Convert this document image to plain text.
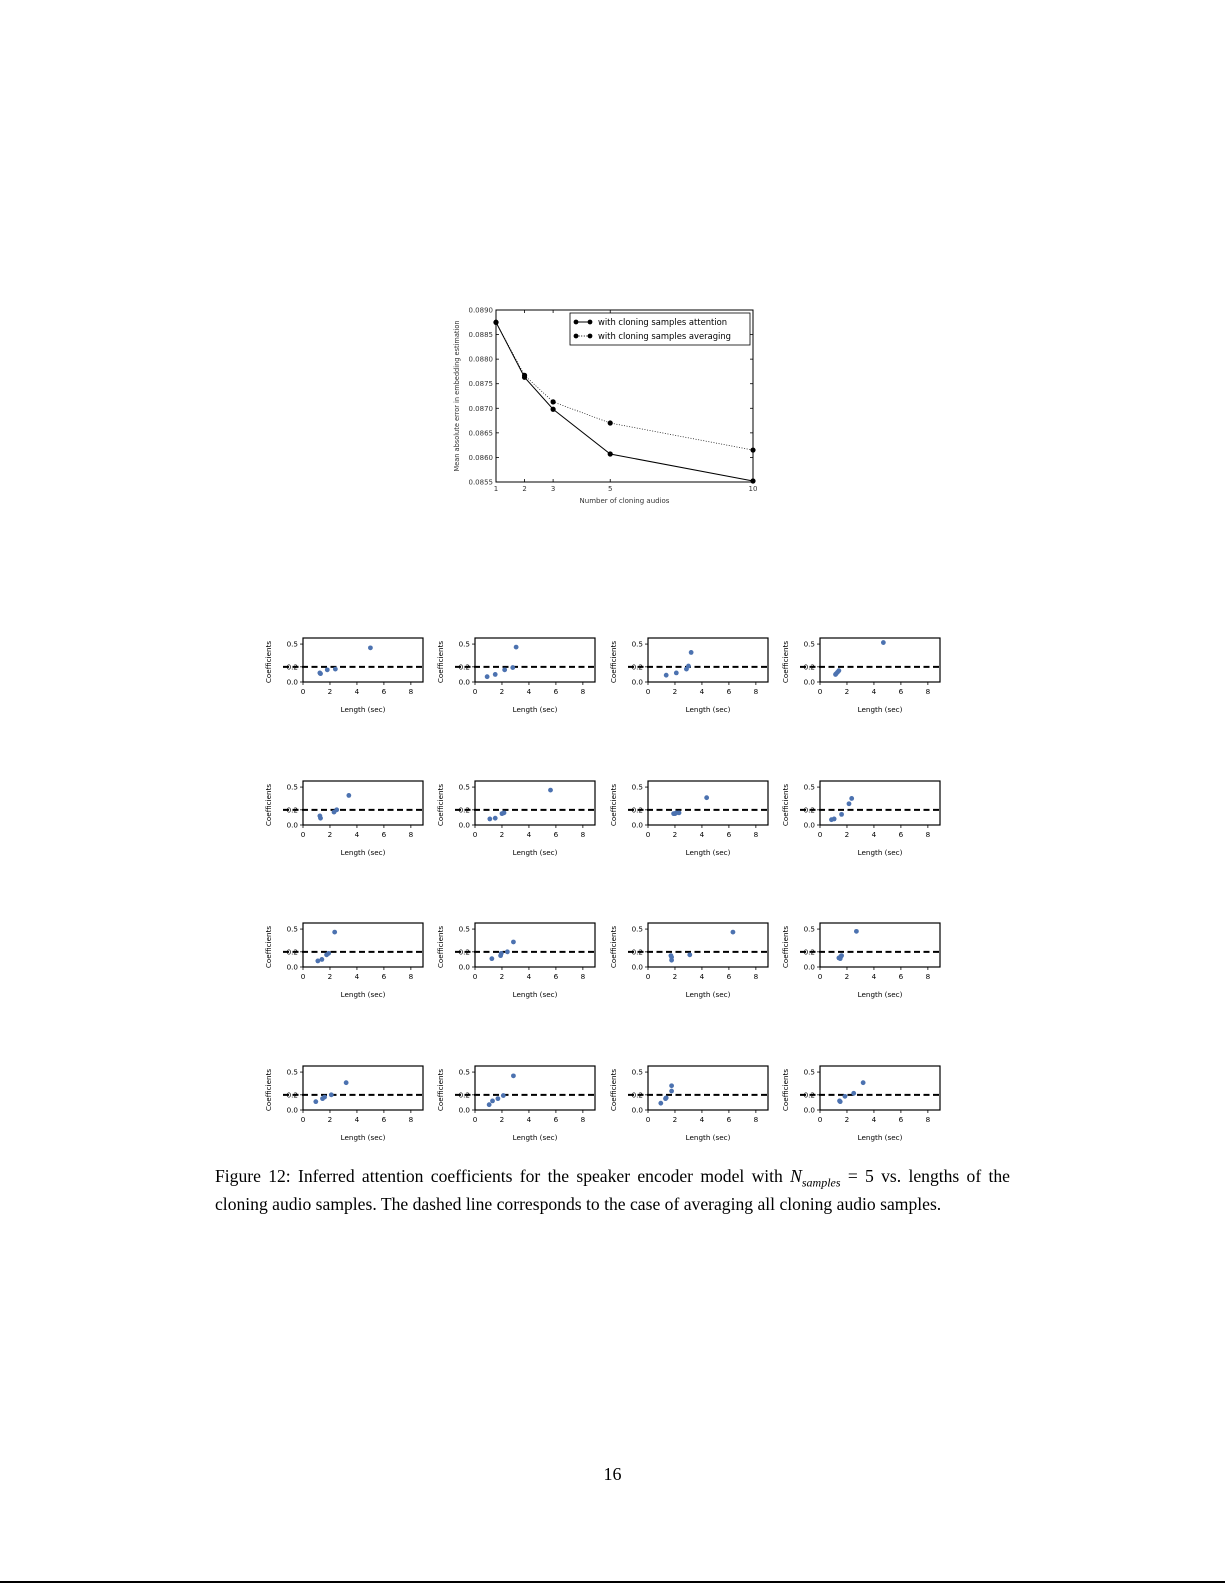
0.0855
0.0860
0.0865
0.0870
0.0875
0.0880
0.0885
0.0890
1	2	3	5	10
Number of cloning audios
Mean absolute error in embedding estimation	with cloning samples attention
with cloning samples averaging
0.0
0.2
0.5
0	2	4	6	8
Length (sec)
Coefficients	0.0
0.2
0.5
0	2	4	6	8
Length (sec)
Coefficients	0.0
0.2
0.5
0	2	4	6	8
Length (sec)
Coefficients	0.0
0.2
0.5
0	2	4	6	8
Length (sec)
Coefficients
0.0
0.2
0.5
0	2	4	6	8
Length (sec)
Coefficients	0.0
0.2
0.5
0	2	4	6	8
Length (sec)
Coefficients	0.0
0.2
0.5
0	2	4	6	8
Length (sec)
Coefficients	0.0
0.2
0.5
0	2	4	6	8
Length (sec)
Coefficients
0.0
0.2
0.5
0	2	4	6	8
Length (sec)
Coefficients	0.0
0.2
0.5
0	2	4	6	8
Length (sec)
Coefficients	0.0
0.2
0.5
0	2	4	6	8
Length (sec)
Coefficients	0.0
0.2
0.5
0	2	4	6	8
Length (sec)
Coefficients
0.0
0.2
0.5
0	2	4	6	8
Length (sec)
Coefficients	0.0
0.2
0.5
0	2	4	6	8
Length (sec)
Coefficients	0.0
0.2
0.5
0	2	4	6	8
Length (sec)
Coefficients	0.0
0.2
0.5
0	2	4	6	8
Length (sec)
Coefficients
Figure 12: Inferred attention coefficients for the speaker encoder model with $N_{samples} = 5$ vs. lengths of the cloning audio samples. The dashed line corresponds to the case of averaging all cloning audio samples.
16
